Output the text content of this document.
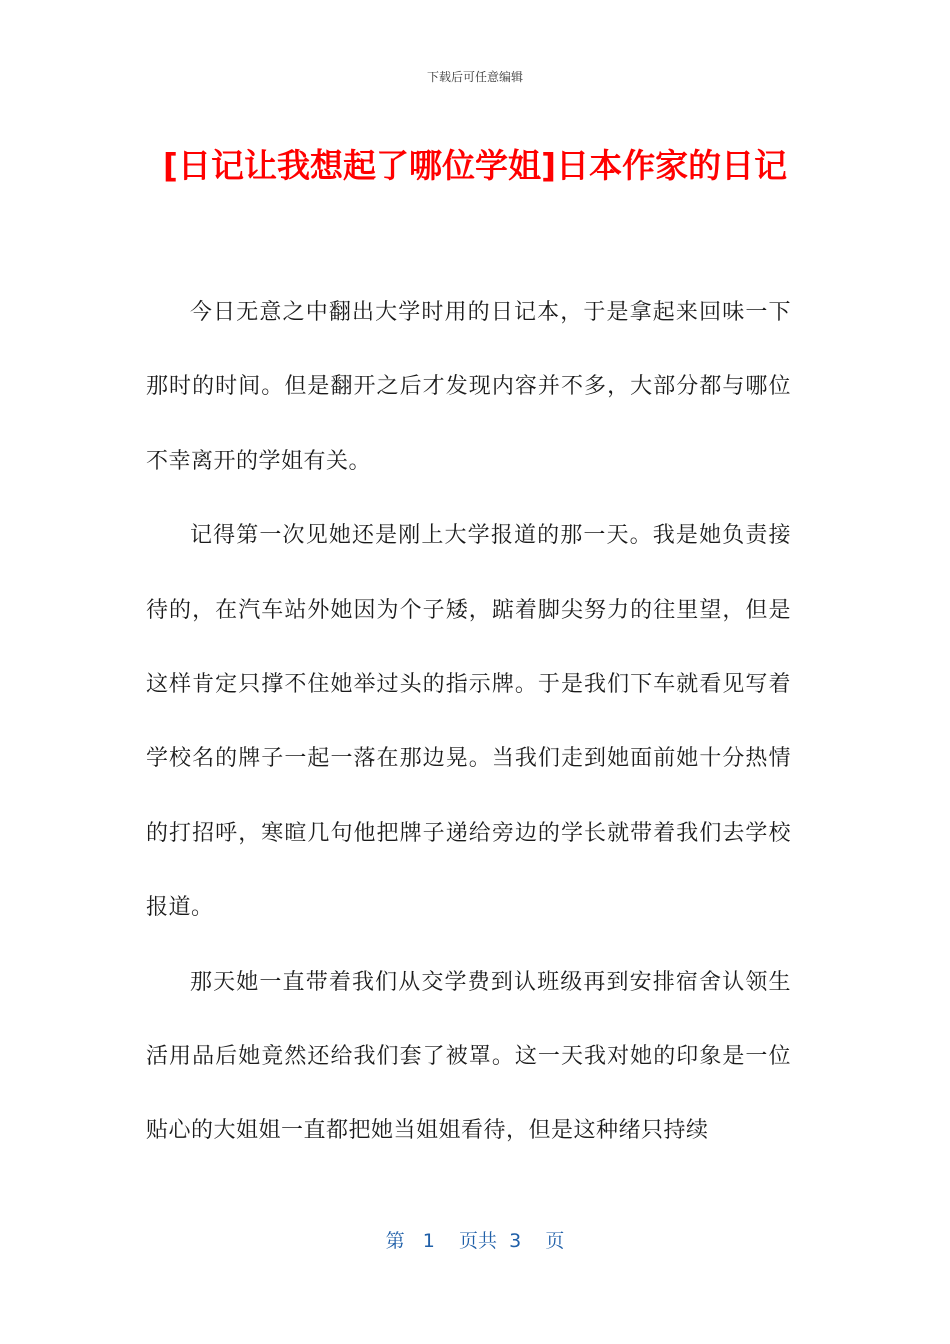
下载后可任意编辑
[日记让我想起了哪位学姐]日本作家的日记

今日无意之中翻出大学时用的日记本，于是拿起来回味一下那时的时间。但是翻开之后才发现内容并不多，大部分都与哪位不幸离开的学姐有关。

记得第一次见她还是刚上大学报道的那一天。我是她负责接待的，在汽车站外她因为个子矮，踮着脚尖努力的往里望，但是这样肯定只撑不住她举过头的指示牌。于是我们下车就看见写着学校名的牌子一起一落在那边晃。当我们走到她面前她十分热情的打招呼，寒暄几句他把牌子递给旁边的学长就带着我们去学校报道。

那天她一直带着我们从交学费到认班级再到安排宿舍认领生活用品后她竟然还给我们套了被罩。这一天我对她的印象是一位贴心的大姐姐一直都把她当姐姐看待，但是这种绪只持续

第 1 页共 3 页
